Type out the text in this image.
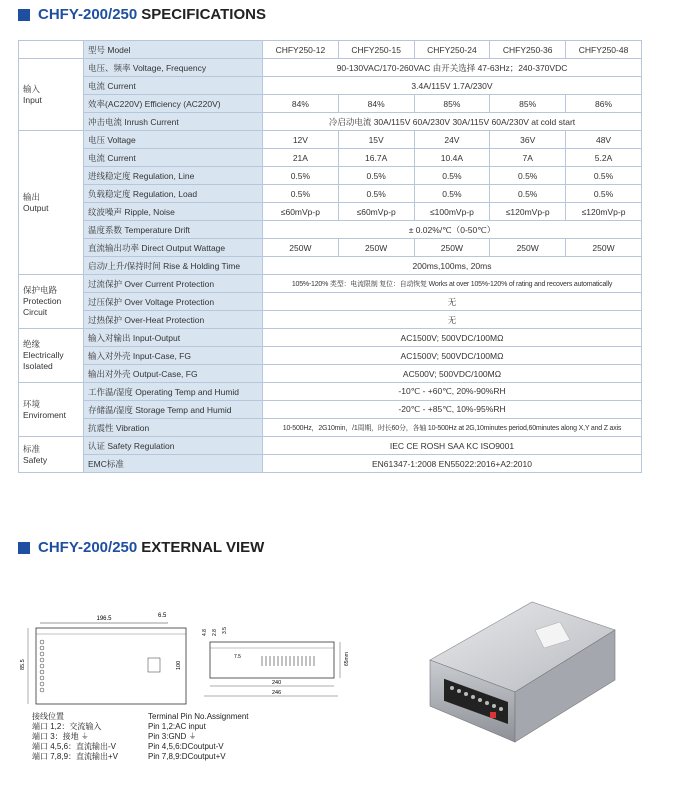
CHFY-200/250 SPECIFICATIONS
	型号 Model	CHFY250-12	CHFY250-15	CHFY250-24	CHFY250-36	CHFY250-48
输入
Input	电压、频率 Voltage, Frequency	90-130VAC/170-260VAC 由开关选择 47-63Hz；240-370VDC				
	电流 Current	3.4A/115V 1.7A/230V				
	效率(AC220V) Efficiency (AC220V)	84%	84%	85%	85%	86%
	冲击电流 Inrush Current	冷启动电流 30A/115V 60A/230V 30A/115V 60A/230V at cold start				
输出
Output	电压 Voltage	12V	15V	24V	36V	48V
	电流 Current	21A	16.7A	10.4A	7A	5.2A
	进线稳定度 Regulation, Line	0.5%	0.5%	0.5%	0.5%	0.5%
	负载稳定度 Regulation, Load	0.5%	0.5%	0.5%	0.5%	0.5%
	纹波噪声 Ripple, Noise	≤60mVp-p	≤60mVp-p	≤100mVp-p	≤120mVp-p	≤120mVp-p
	温度系数 Temperature Drift	± 0.02%/℃（0-50℃）				
	直流输出功率 Direct Output Wattage	250W	250W	250W	250W	250W
	启动/上升/保持时间 Rise & Holding Time	200ms,100ms, 20ms				
保护电路
Protection
Circuit	过流保护 Over Current Protection	105%-120% 类型：电流限制 复位：自动恢复 Works at over 105%-120% of rating and recovers automatically				
	过压保护 Over Voltage Protection	无				
	过热保护 Over-Heat Protection	无				
绝缘
Electrically
Isolated	输入对输出 Input-Output	AC1500V; 500VDC/100MΩ				
	输入对外壳 Input-Case, FG	AC1500V; 500VDC/100MΩ				
	输出对外壳 Output-Case, FG	AC500V; 500VDC/100MΩ				
环境
Enviroment	工作温/湿度 Operating Temp and Humid	-10℃ - +60℃, 20%-90%RH				
	存储温/湿度 Storage Temp and Humid	-20℃ - +85℃, 10%-95%RH				
	抗震性 Vibration	10-500Hz，2G10min，/1周期，时长60分，各轴 10-500Hz at 2G,10minutes period,60minutes along X,Y and Z axis				
标准
Safety	认证 Safety Regulation	IEC CE ROSH SAA KC ISO9001				
	EMC标准	EN61347-1:2008 EN55022:2016+A2:2010				
CHFY-200/250 EXTERNAL VIEW
196.5	6.5
85.5	100
4.8 2.8 3.5
7.5	65mm
240
246
接线位置
端口 1,2：交流输入
端口 3：接地 ⏚
端口 4,5,6：直流输出-V
端口 7,8,9：直流输出+V
Terminal Pin No.Assignment
Pin 1,2:AC input
Pin 3:GND ⏚
Pin 4,5,6:DCoutput-V
Pin 7,8,9:DCoutput+V
